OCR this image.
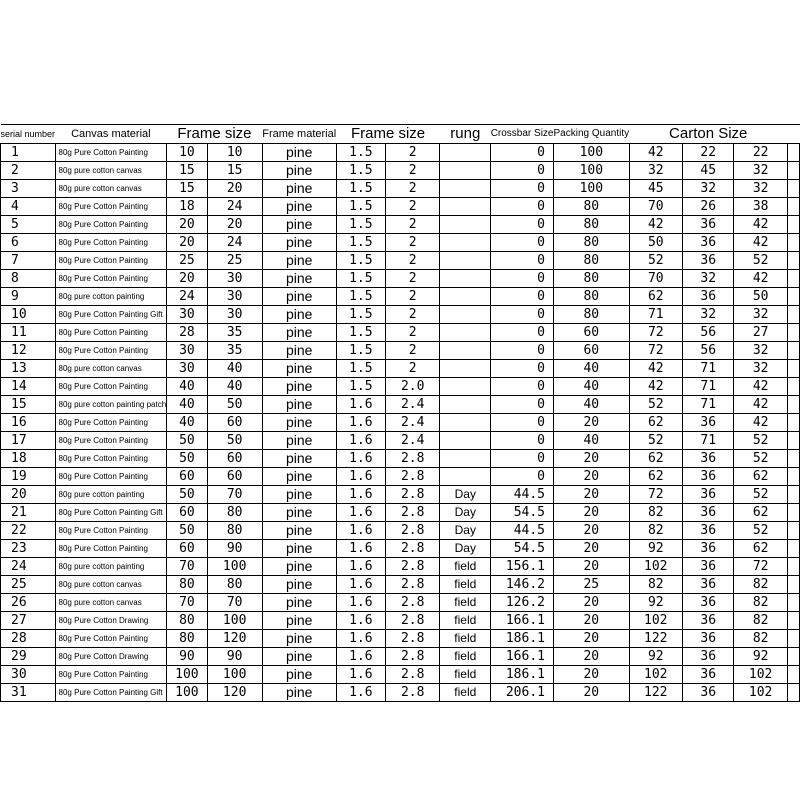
serial number	Canvas material	Frame size		Frame material	Frame size		rung	Crossbar Size	Packing Quantity	Carton Size			
1	80g Pure Cotton Painting	10	10	pine	1.5	2		0	100	42	22	22	
2	80g pure cotton canvas	15	15	pine	1.5	2		0	100	32	45	32	
3	80g pure cotton canvas	15	20	pine	1.5	2		0	100	45	32	32	
4	80g Pure Cotton Painting	18	24	pine	1.5	2		0	80	70	26	38	
5	80g Pure Cotton Painting	20	20	pine	1.5	2		0	80	42	36	42	
6	80g Pure Cotton Painting	20	24	pine	1.5	2		0	80	50	36	42	
7	80g Pure Cotton Painting	25	25	pine	1.5	2		0	80	52	36	52	
8	80g Pure Cotton Painting	20	30	pine	1.5	2		0	80	70	32	42	
9	80g pure cotton painting	24	30	pine	1.5	2		0	80	62	36	50	
10	80g Pure Cotton Painting Gift	30	30	pine	1.5	2		0	80	71	32	32	
11	80g Pure Cotton Painting	28	35	pine	1.5	2		0	60	72	56	27	
12	80g Pure Cotton Painting	30	35	pine	1.5	2		0	60	72	56	32	
13	80g pure cotton canvas	30	40	pine	1.5	2		0	40	42	71	32	
14	80g Pure Cotton Painting	40	40	pine	1.5	2.0		0	40	42	71	42	
15	80g pure cotton painting patch	40	50	pine	1.6	2.4		0	40	52	71	42	
16	80g Pure Cotton Painting	40	60	pine	1.6	2.4		0	20	62	36	42	
17	80g Pure Cotton Painting	50	50	pine	1.6	2.4		0	40	52	71	52	
18	80g Pure Cotton Painting	50	60	pine	1.6	2.8		0	20	62	36	52	
19	80g Pure Cotton Painting	60	60	pine	1.6	2.8		0	20	62	36	62	
20	80g pure cotton painting	50	70	pine	1.6	2.8	Day	44.5	20	72	36	52	
21	80g Pure Cotton Painting Gift	60	80	pine	1.6	2.8	Day	54.5	20	82	36	62	
22	80g Pure Cotton Painting	50	80	pine	1.6	2.8	Day	44.5	20	82	36	52	
23	80g Pure Cotton Painting	60	90	pine	1.6	2.8	Day	54.5	20	92	36	62	
24	80g pure cotton painting	70	100	pine	1.6	2.8	field	156.1	20	102	36	72	
25	80g pure cotton canvas	80	80	pine	1.6	2.8	field	146.2	25	82	36	82	
26	80g pure cotton canvas	70	70	pine	1.6	2.8	field	126.2	20	92	36	82	
27	80g Pure Cotton Drawing	80	100	pine	1.6	2.8	field	166.1	20	102	36	82	
28	80g Pure Cotton Painting	80	120	pine	1.6	2.8	field	186.1	20	122	36	82	
29	80g Pure Cotton Drawing	90	90	pine	1.6	2.8	field	166.1	20	92	36	92	
30	80g Pure Cotton Painting	100	100	pine	1.6	2.8	field	186.1	20	102	36	102	
31	80g Pure Cotton Painting Gift	100	120	pine	1.6	2.8	field	206.1	20	122	36	102	
